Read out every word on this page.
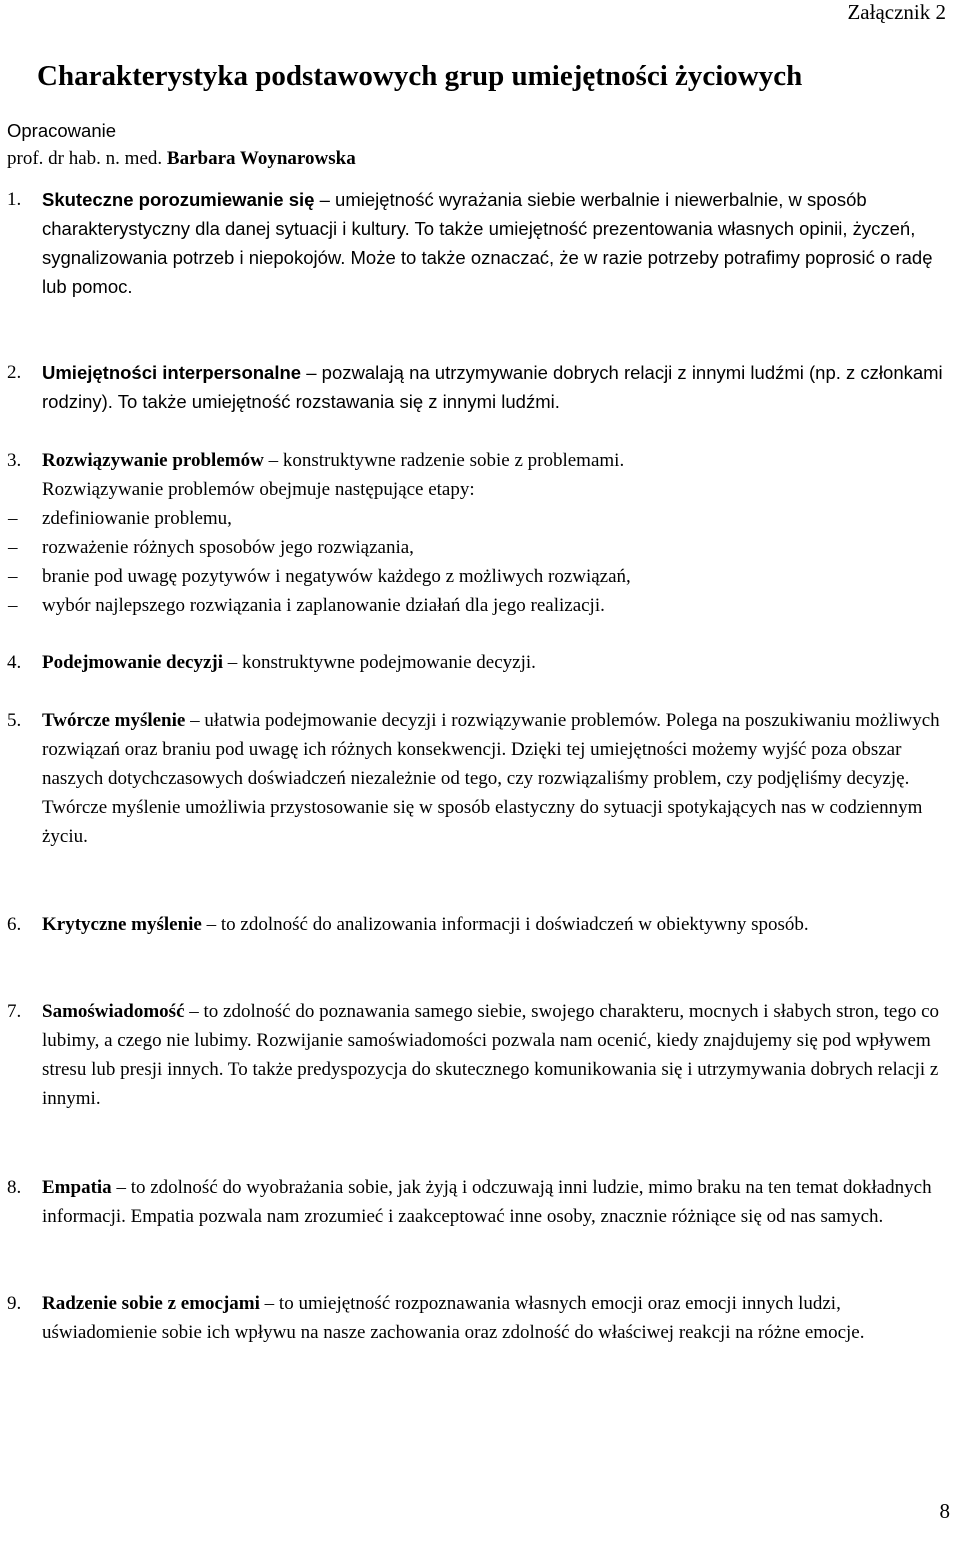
Załącznik 2
Charakterystyka podstawowych grup umiejętności życiowych
Opracowanie
prof. dr hab. n. med. Barbara Woynarowska
1. Skuteczne porozumiewanie się – umiejętność wyrażania siebie werbalnie i niewerbalnie, w sposób charakterystyczny dla danej sytuacji i kultury. To także umiejętność prezentowania własnych opinii, życzeń, sygnalizowania potrzeb i niepokojów. Może to także oznaczać, że w razie potrzeby potrafimy poprosić o radę lub pomoc.
2. Umiejętności interpersonalne – pozwalają na utrzymywanie dobrych relacji z innymi ludźmi (np. z członkami rodziny). To także umiejętność rozstawania się z innymi ludźmi.
3. Rozwiązywanie problemów – konstruktywne radzenie sobie z problemami.
Rozwiązywanie problemów obejmuje następujące etapy:
– zdefiniowanie problemu,
– rozważenie różnych sposobów jego rozwiązania,
– branie pod uwagę pozytywów i negatywów każdego z możliwych rozwiązań,
– wybór najlepszego rozwiązania i zaplanowanie działań dla jego realizacji.
4. Podejmowanie decyzji – konstruktywne podejmowanie decyzji.
5. Twórcze myślenie – ułatwia podejmowanie decyzji i rozwiązywanie problemów. Polega na poszukiwaniu możliwych rozwiązań oraz braniu pod uwagę ich różnych konsekwencji. Dzięki tej umiejętności możemy wyjść poza obszar naszych dotychczasowych doświadczeń niezależnie od tego, czy rozwiązaliśmy problem, czy podjęliśmy decyzję. Twórcze myślenie umożliwia przystosowanie się w sposób elastyczny do sytuacji spotykających nas w codziennym życiu.
6. Krytyczne myślenie – to zdolność do analizowania informacji i doświadczeń w obiektywny sposób.
7. Samoświadomość – to zdolność do poznawania samego siebie, swojego charakteru, mocnych i słabych stron, tego co lubimy, a czego nie lubimy. Rozwijanie samoświadomości pozwala nam ocenić, kiedy znajdujemy się pod wpływem stresu lub presji innych. To także predyspozycja do skutecznego komunikowania się i utrzymywania dobrych relacji z innymi.
8. Empatia – to zdolność do wyobrażania sobie, jak żyją i odczuwają inni ludzie, mimo braku na ten temat dokładnych informacji. Empatia pozwala nam zrozumieć i zaakceptować inne osoby, znacznie różniące się od nas samych.
9. Radzenie sobie z emocjami – to umiejętność rozpoznawania własnych emocji oraz emocji innych ludzi, uświadomienie sobie ich wpływu na nasze zachowania oraz zdolność do właściwej reakcji na różne emocje.
8
